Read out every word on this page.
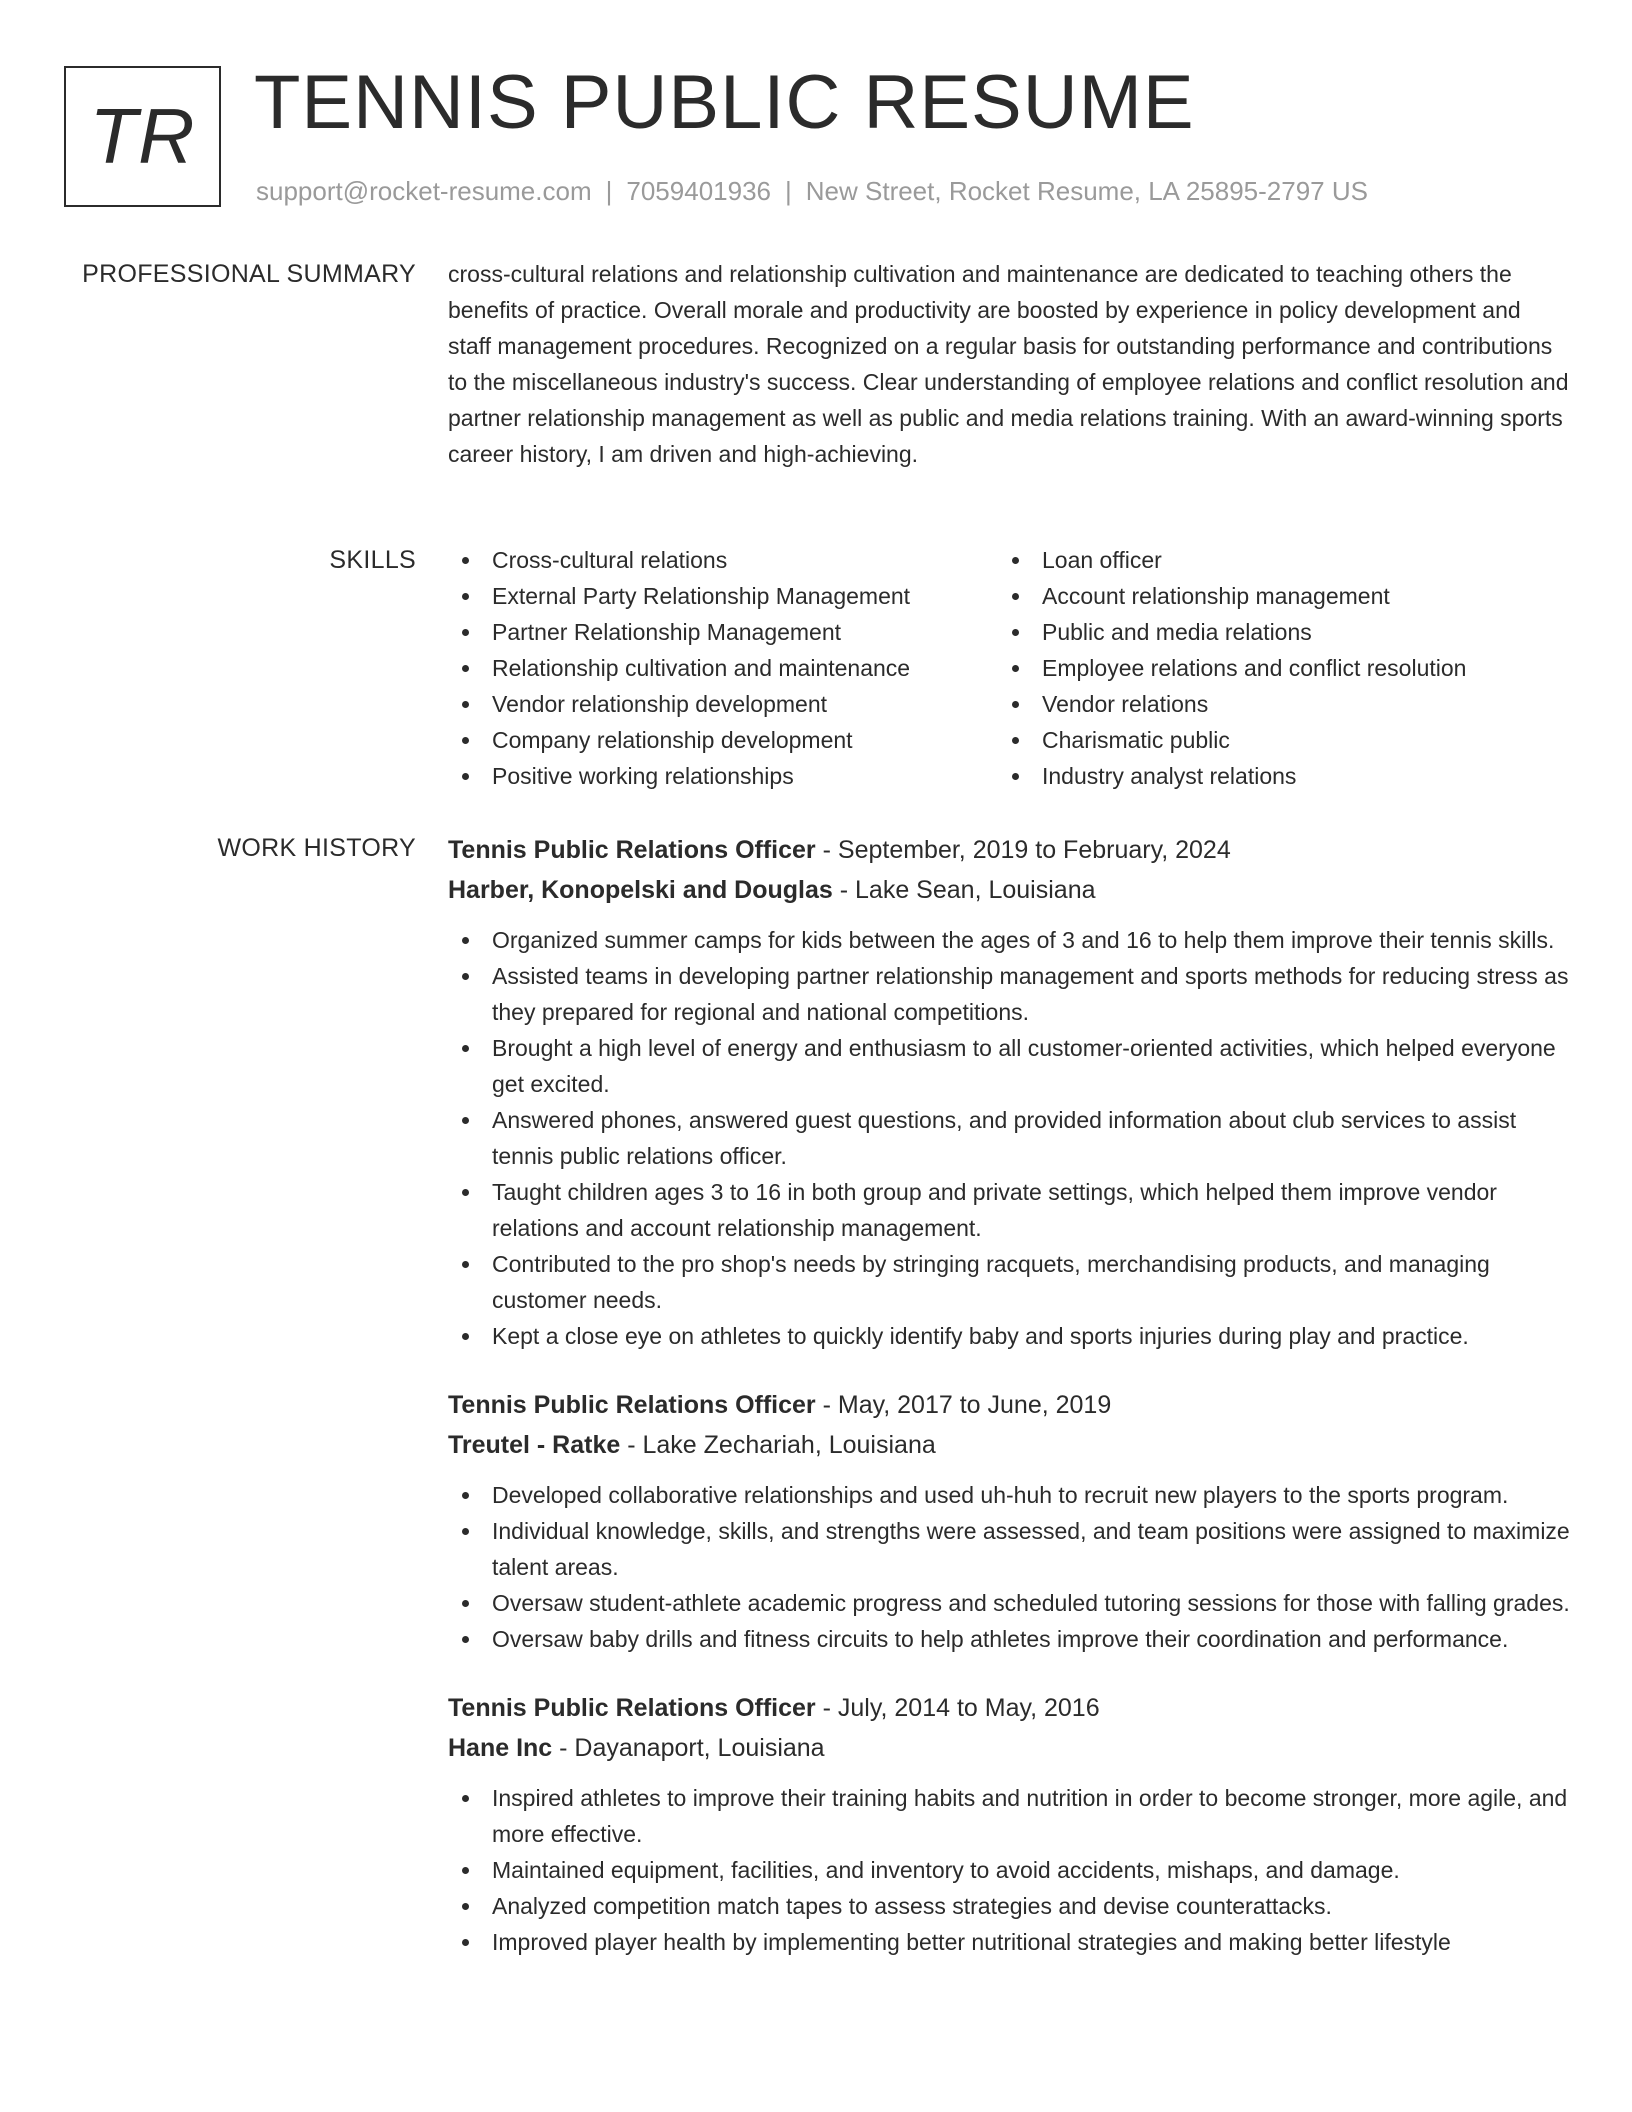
TR TENNIS PUBLIC RESUME
support@rocket-resume.com | 7059401936 | New Street, Rocket Resume, LA 25895-2797 US
PROFESSIONAL SUMMARY cross-cultural relations and relationship cultivation and maintenance are dedicated to teaching others the benefits of practice. Overall morale and productivity are boosted by experience in policy development and staff management procedures. Recognized on a regular basis for outstanding performance and contributions to the miscellaneous industry's success. Clear understanding of employee relations and conflict resolution and partner relationship management as well as public and media relations training. With an award-winning sports career history, I am driven and high-achieving.

SKILLS	Cross-cultural relations
External Party Relationship Management
Partner Relationship Management
Relationship cultivation and maintenance
Vendor relationship development
Company relationship development
Positive working relationships
Loan officer
Account relationship management
Public and media relations
Employee relations and conflict resolution
Vendor relations
Charismatic public
Industry analyst relations
WORK HISTORY Tennis Public Relations Officer - September, 2019 to February, 2024
Harber, Konopelski and Douglas - Lake Sean, Louisiana
Organized summer camps for kids between the ages of 3 and 16 to help them improve their tennis skills.
Assisted teams in developing partner relationship management and sports methods for reducing stress as they prepared for regional and national competitions.
Brought a high level of energy and enthusiasm to all customer-oriented activities, which helped everyone get excited.
Answered phones, answered guest questions, and provided information about club services to assist tennis public relations officer.
Taught children ages 3 to 16 in both group and private settings, which helped them improve vendor relations and account relationship management.
Contributed to the pro shop's needs by stringing racquets, merchandising products, and managing customer needs.
Kept a close eye on athletes to quickly identify baby and sports injuries during play and practice.
Tennis Public Relations Officer - May, 2017 to June, 2019
Treutel - Ratke - Lake Zechariah, Louisiana
Developed collaborative relationships and used uh-huh to recruit new players to the sports program.
Individual knowledge, skills, and strengths were assessed, and team positions were assigned to maximize talent areas.
Oversaw student-athlete academic progress and scheduled tutoring sessions for those with falling grades.
Oversaw baby drills and fitness circuits to help athletes improve their coordination and performance.
Tennis Public Relations Officer - July, 2014 to May, 2016
Hane Inc - Dayanaport, Louisiana
Inspired athletes to improve their training habits and nutrition in order to become stronger, more agile, and more effective.
Maintained equipment, facilities, and inventory to avoid accidents, mishaps, and damage.
Analyzed competition match tapes to assess strategies and devise counterattacks.
Improved player health by implementing better nutritional strategies and making better lifestyle
